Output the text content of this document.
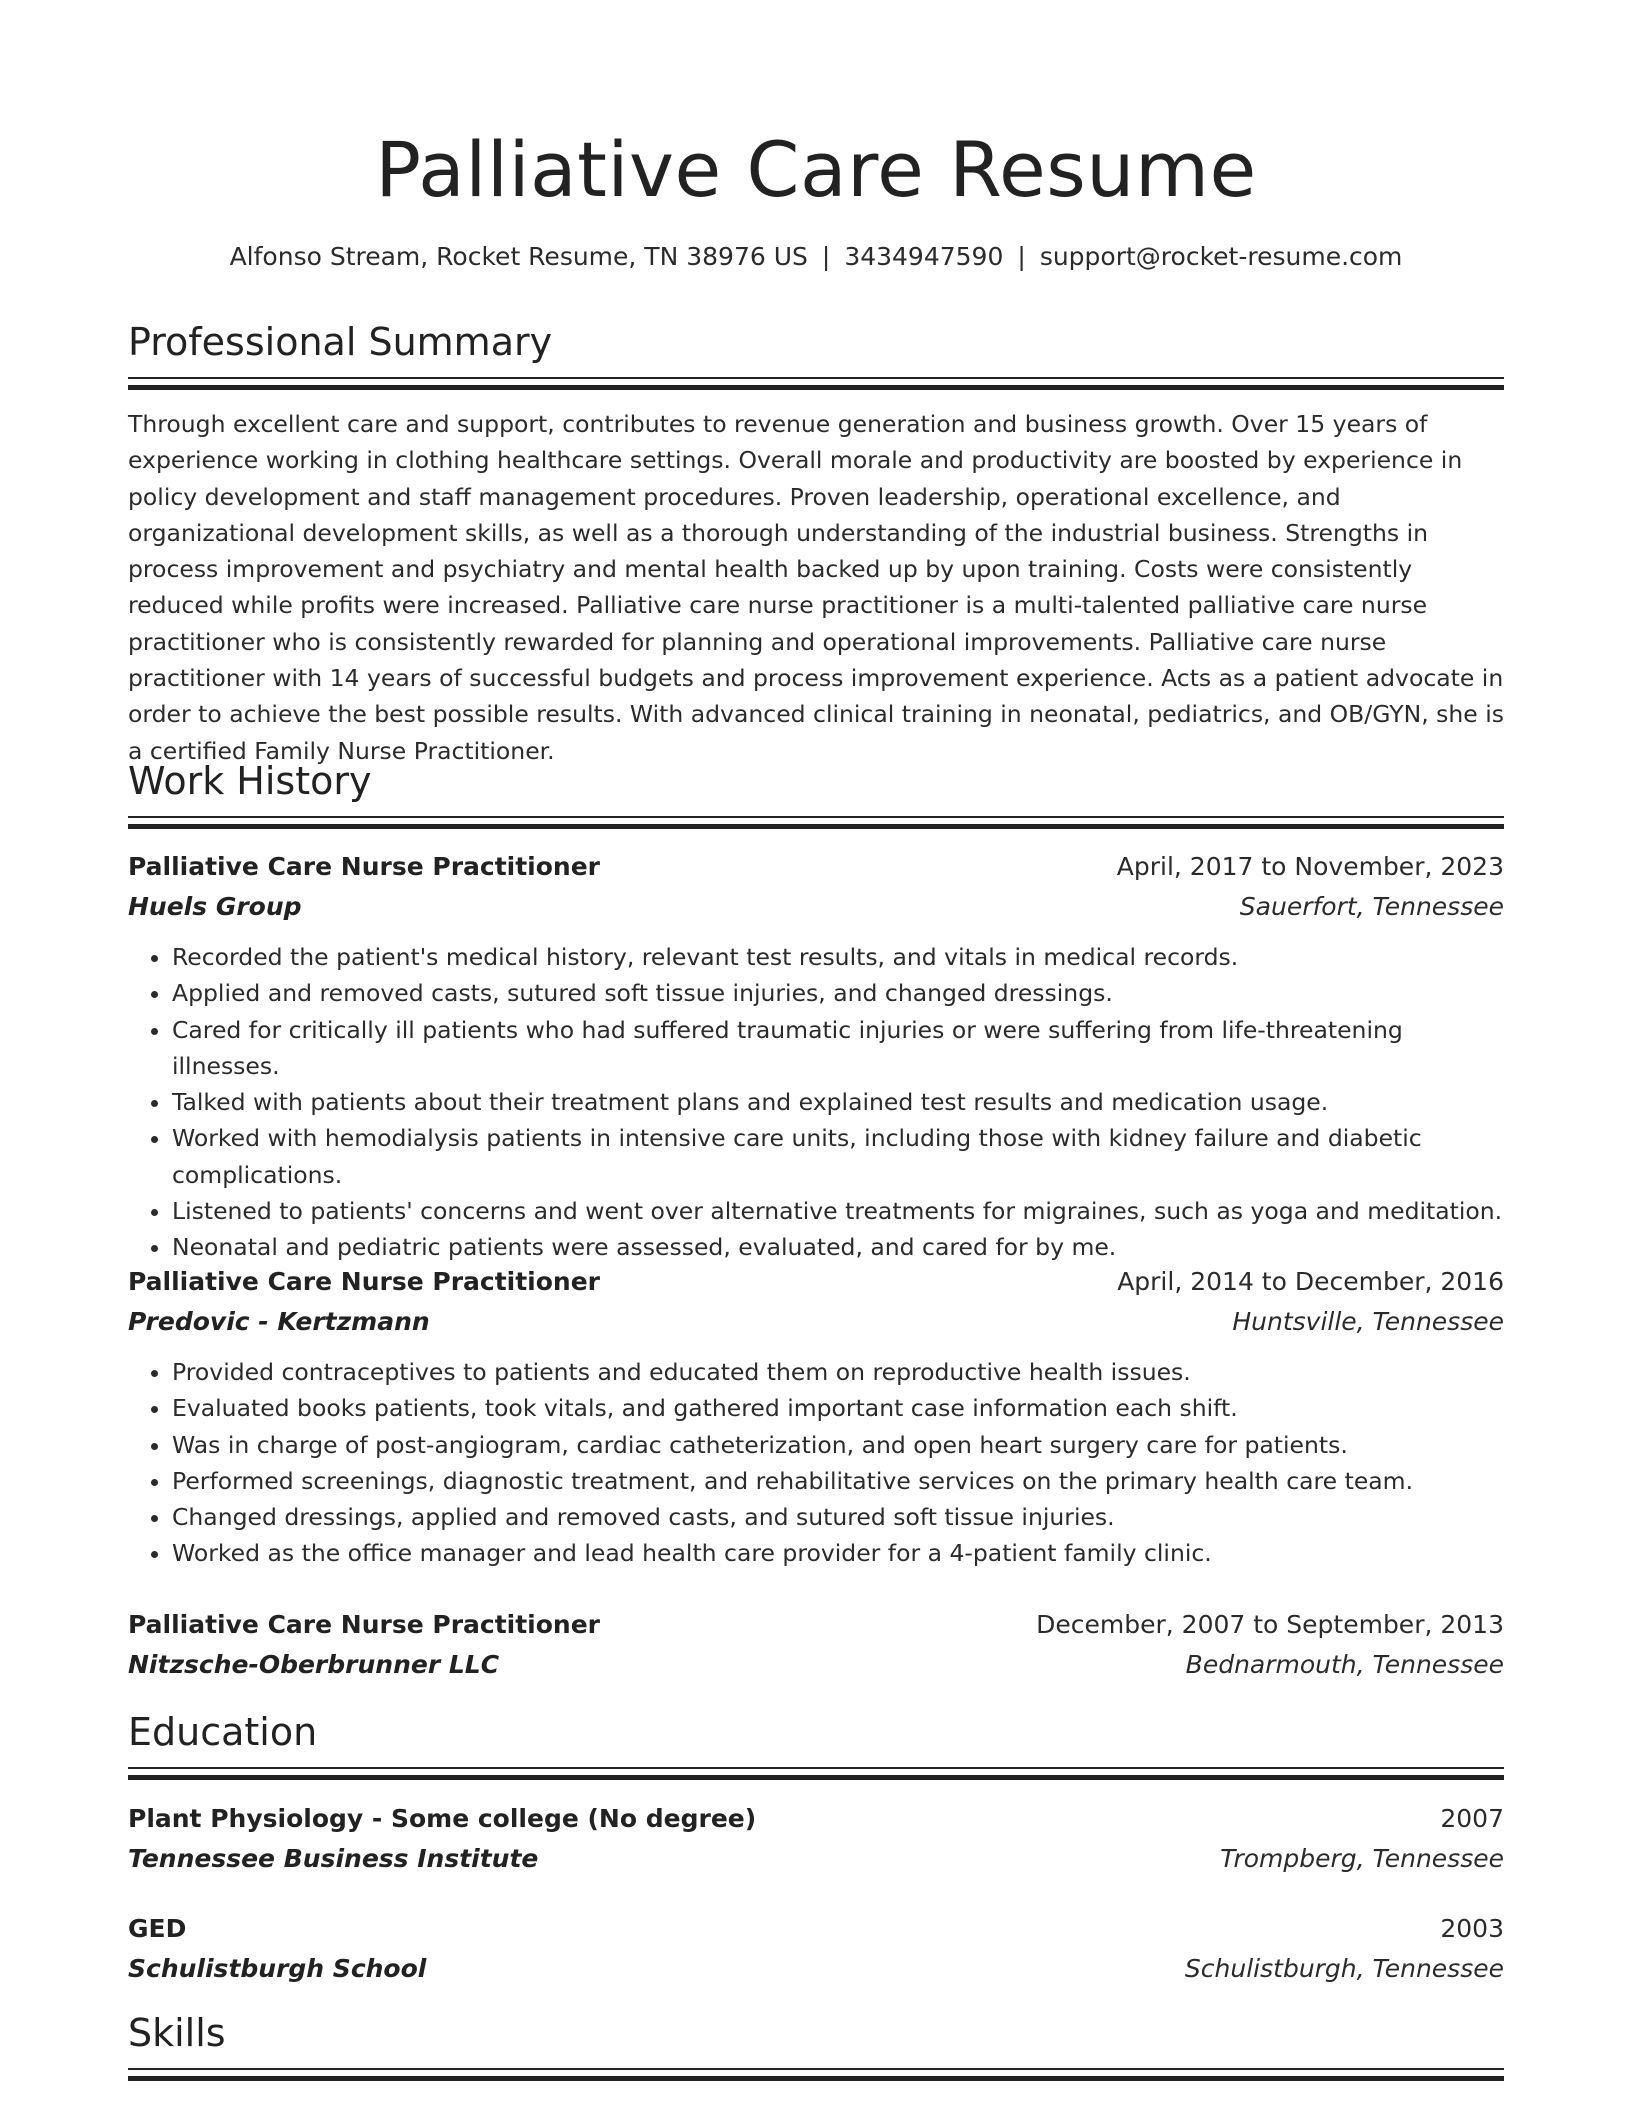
Palliative Care Resume
Alfonso Stream, Rocket Resume, TN 38976 US | 3434947590 | support@rocket-resume.com
Professional Summary

Through excellent care and support, contributes to revenue generation and business growth. Over 15 years of experience working in clothing healthcare settings. Overall morale and productivity are boosted by experience in policy development and staff management procedures. Proven leadership, operational excellence, and organizational development skills, as well as a thorough understanding of the industrial business. Strengths in process improvement and psychiatry and mental health backed up by upon training. Costs were consistently reduced while profits were increased. Palliative care nurse practitioner is a multi-talented palliative care nurse practitioner who is consistently rewarded for planning and operational improvements. Palliative care nurse practitioner with 14 years of successful budgets and process improvement experience. Acts as a patient advocate in order to achieve the best possible results. With advanced clinical training in neonatal, pediatrics, and OB/GYN, she is a certified Family Nurse Practitioner.

Work History
Palliative Care Nurse Practitioner	April, 2017 to November, 2023
Huels Group	Sauerfort, Tennessee
• Recorded the patient's medical history, relevant test results, and vitals in medical records.
• Applied and removed casts, sutured soft tissue injuries, and changed dressings.
• Cared for critically ill patients who had suffered traumatic injuries or were suffering from life-threatening illnesses.
• Talked with patients about their treatment plans and explained test results and medication usage.
• Worked with hemodialysis patients in intensive care units, including those with kidney failure and diabetic complications.
• Listened to patients' concerns and went over alternative treatments for migraines, such as yoga and meditation.
• Neonatal and pediatric patients were assessed, evaluated, and cared for by me.
Palliative Care Nurse Practitioner	April, 2014 to December, 2016
Predovic - Kertzmann	Huntsville, Tennessee
• Provided contraceptives to patients and educated them on reproductive health issues.
• Evaluated books patients, took vitals, and gathered important case information each shift.
• Was in charge of post-angiogram, cardiac catheterization, and open heart surgery care for patients.
• Performed screenings, diagnostic treatment, and rehabilitative services on the primary health care team.
• Changed dressings, applied and removed casts, and sutured soft tissue injuries.
• Worked as the office manager and lead health care provider for a 4-patient family clinic.
Palliative Care Nurse Practitioner	December, 2007 to September, 2013
Nitzsche-Oberbrunner LLC	Bednarmouth, Tennessee
Education
Plant Physiology - Some college (No degree)	2007
Tennessee Business Institute	Trompberg, Tennessee
GED	2003
Schulistburgh School	Schulistburgh, Tennessee
Skills
